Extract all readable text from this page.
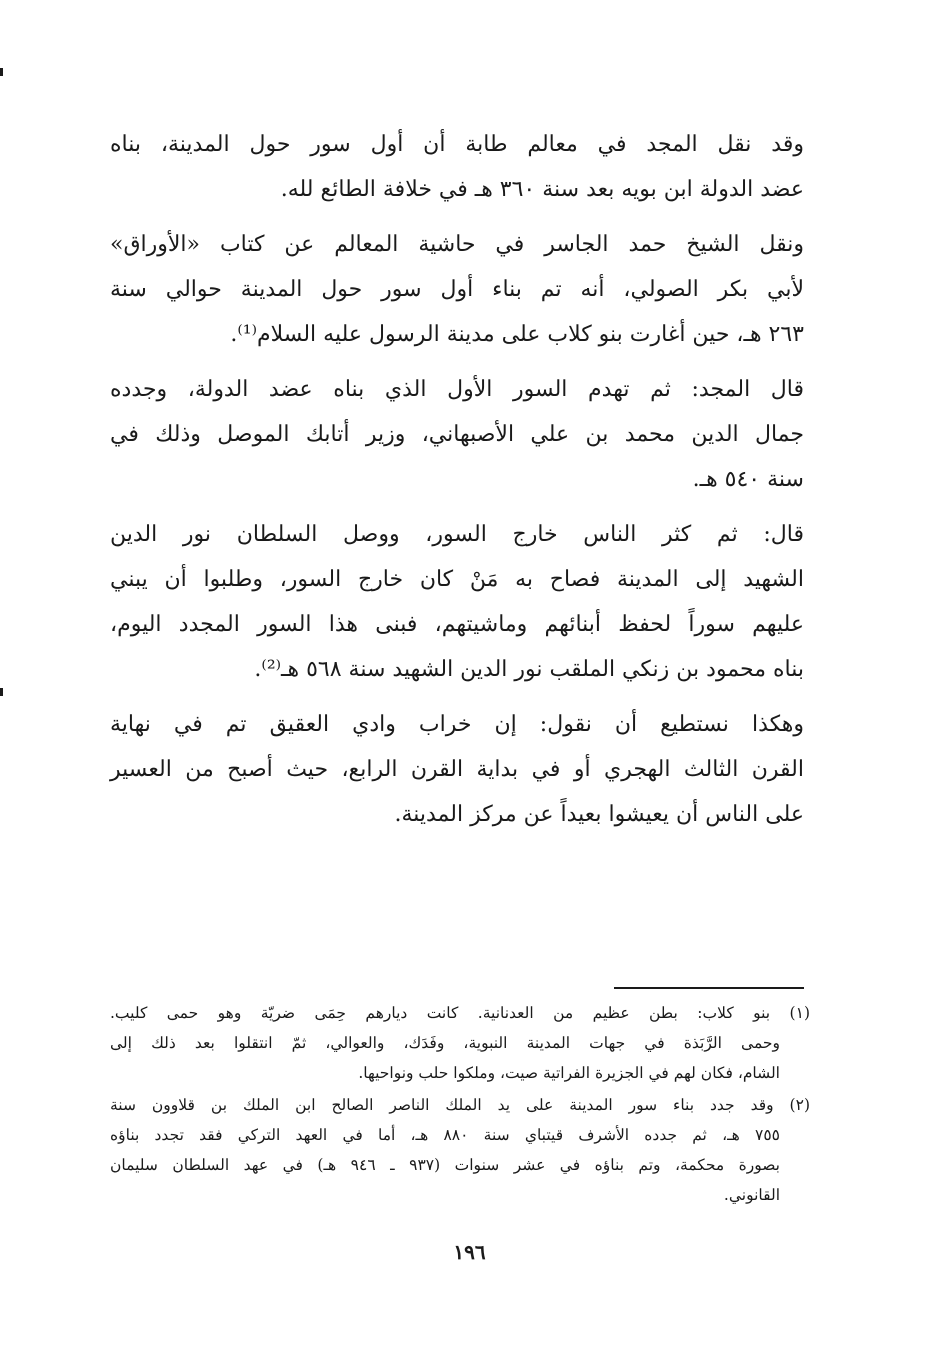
وقد نقل المجد في معالم طابة أن أول سور حول المدينة، بناه
عضد الدولة ابن بويه بعد سنة ٣٦٠ هـ في خلافة الطائع لله.
ونقل الشيخ حمد الجاسر في حاشية المعالم عن كتاب «الأوراق»
لأبي بكر الصولي، أنه تم بناء أول سور حول المدينة حوالي سنة
٢٦٣ هـ، حين أغارت بنو كلاب على مدينة الرسول عليه السلام⁽¹⁾.
قال المجد: ثم تهدم السور الأول الذي بناه عضد الدولة، وجدده
جمال الدين محمد بن علي الأصبهاني، وزير أتابك الموصل وذلك في
سنة ٥٤٠ هـ.
قال: ثم كثر الناس خارج السور، ووصل السلطان نور الدين
الشهيد إلى المدينة فصاح به مَنْ كان خارج السور، وطلبوا أن يبني
عليهم سوراً لحفظ أبنائهم وماشيتهم، فبنى هذا السور المجدد اليوم،
بناه محمود بن زنكي الملقب نور الدين الشهيد سنة ٥٦٨ هـ⁽²⁾.
وهكذا نستطيع أن نقول: إن خراب وادي العقيق تم في نهاية
القرن الثالث الهجري أو في بداية القرن الرابع، حيث أصبح من العسير
على الناس أن يعيشوا بعيداً عن مركز المدينة.
(١) بنو كلاب: بطن عظيم من العدنانية. كانت ديارهم حِمَى ضريّة وهو حمى كليب.
وحمى الرَّبَذة في جهات المدينة النبوية، وفَدَك، والعوالي، ثمّ انتقلوا بعد ذلك إلى
الشام، فكان لهم في الجزيرة الفراتية صيت، وملكوا حلب ونواحيها.
(٢) وقد جدد بناء سور المدينة على يد الملك الناصر الصالح ابن الملك بن قلاوون سنة
٧٥٥ هـ، ثم جدده الأشرف قيتباي سنة ٨٨٠ هـ، أما في العهد التركي فقد تجدد بناؤه
بصورة محكمة، وتم بناؤه في عشر سنوات (٩٣٧ ـ ٩٤٦ هـ) في عهد السلطان سليمان
القانوني.
١٩٦
